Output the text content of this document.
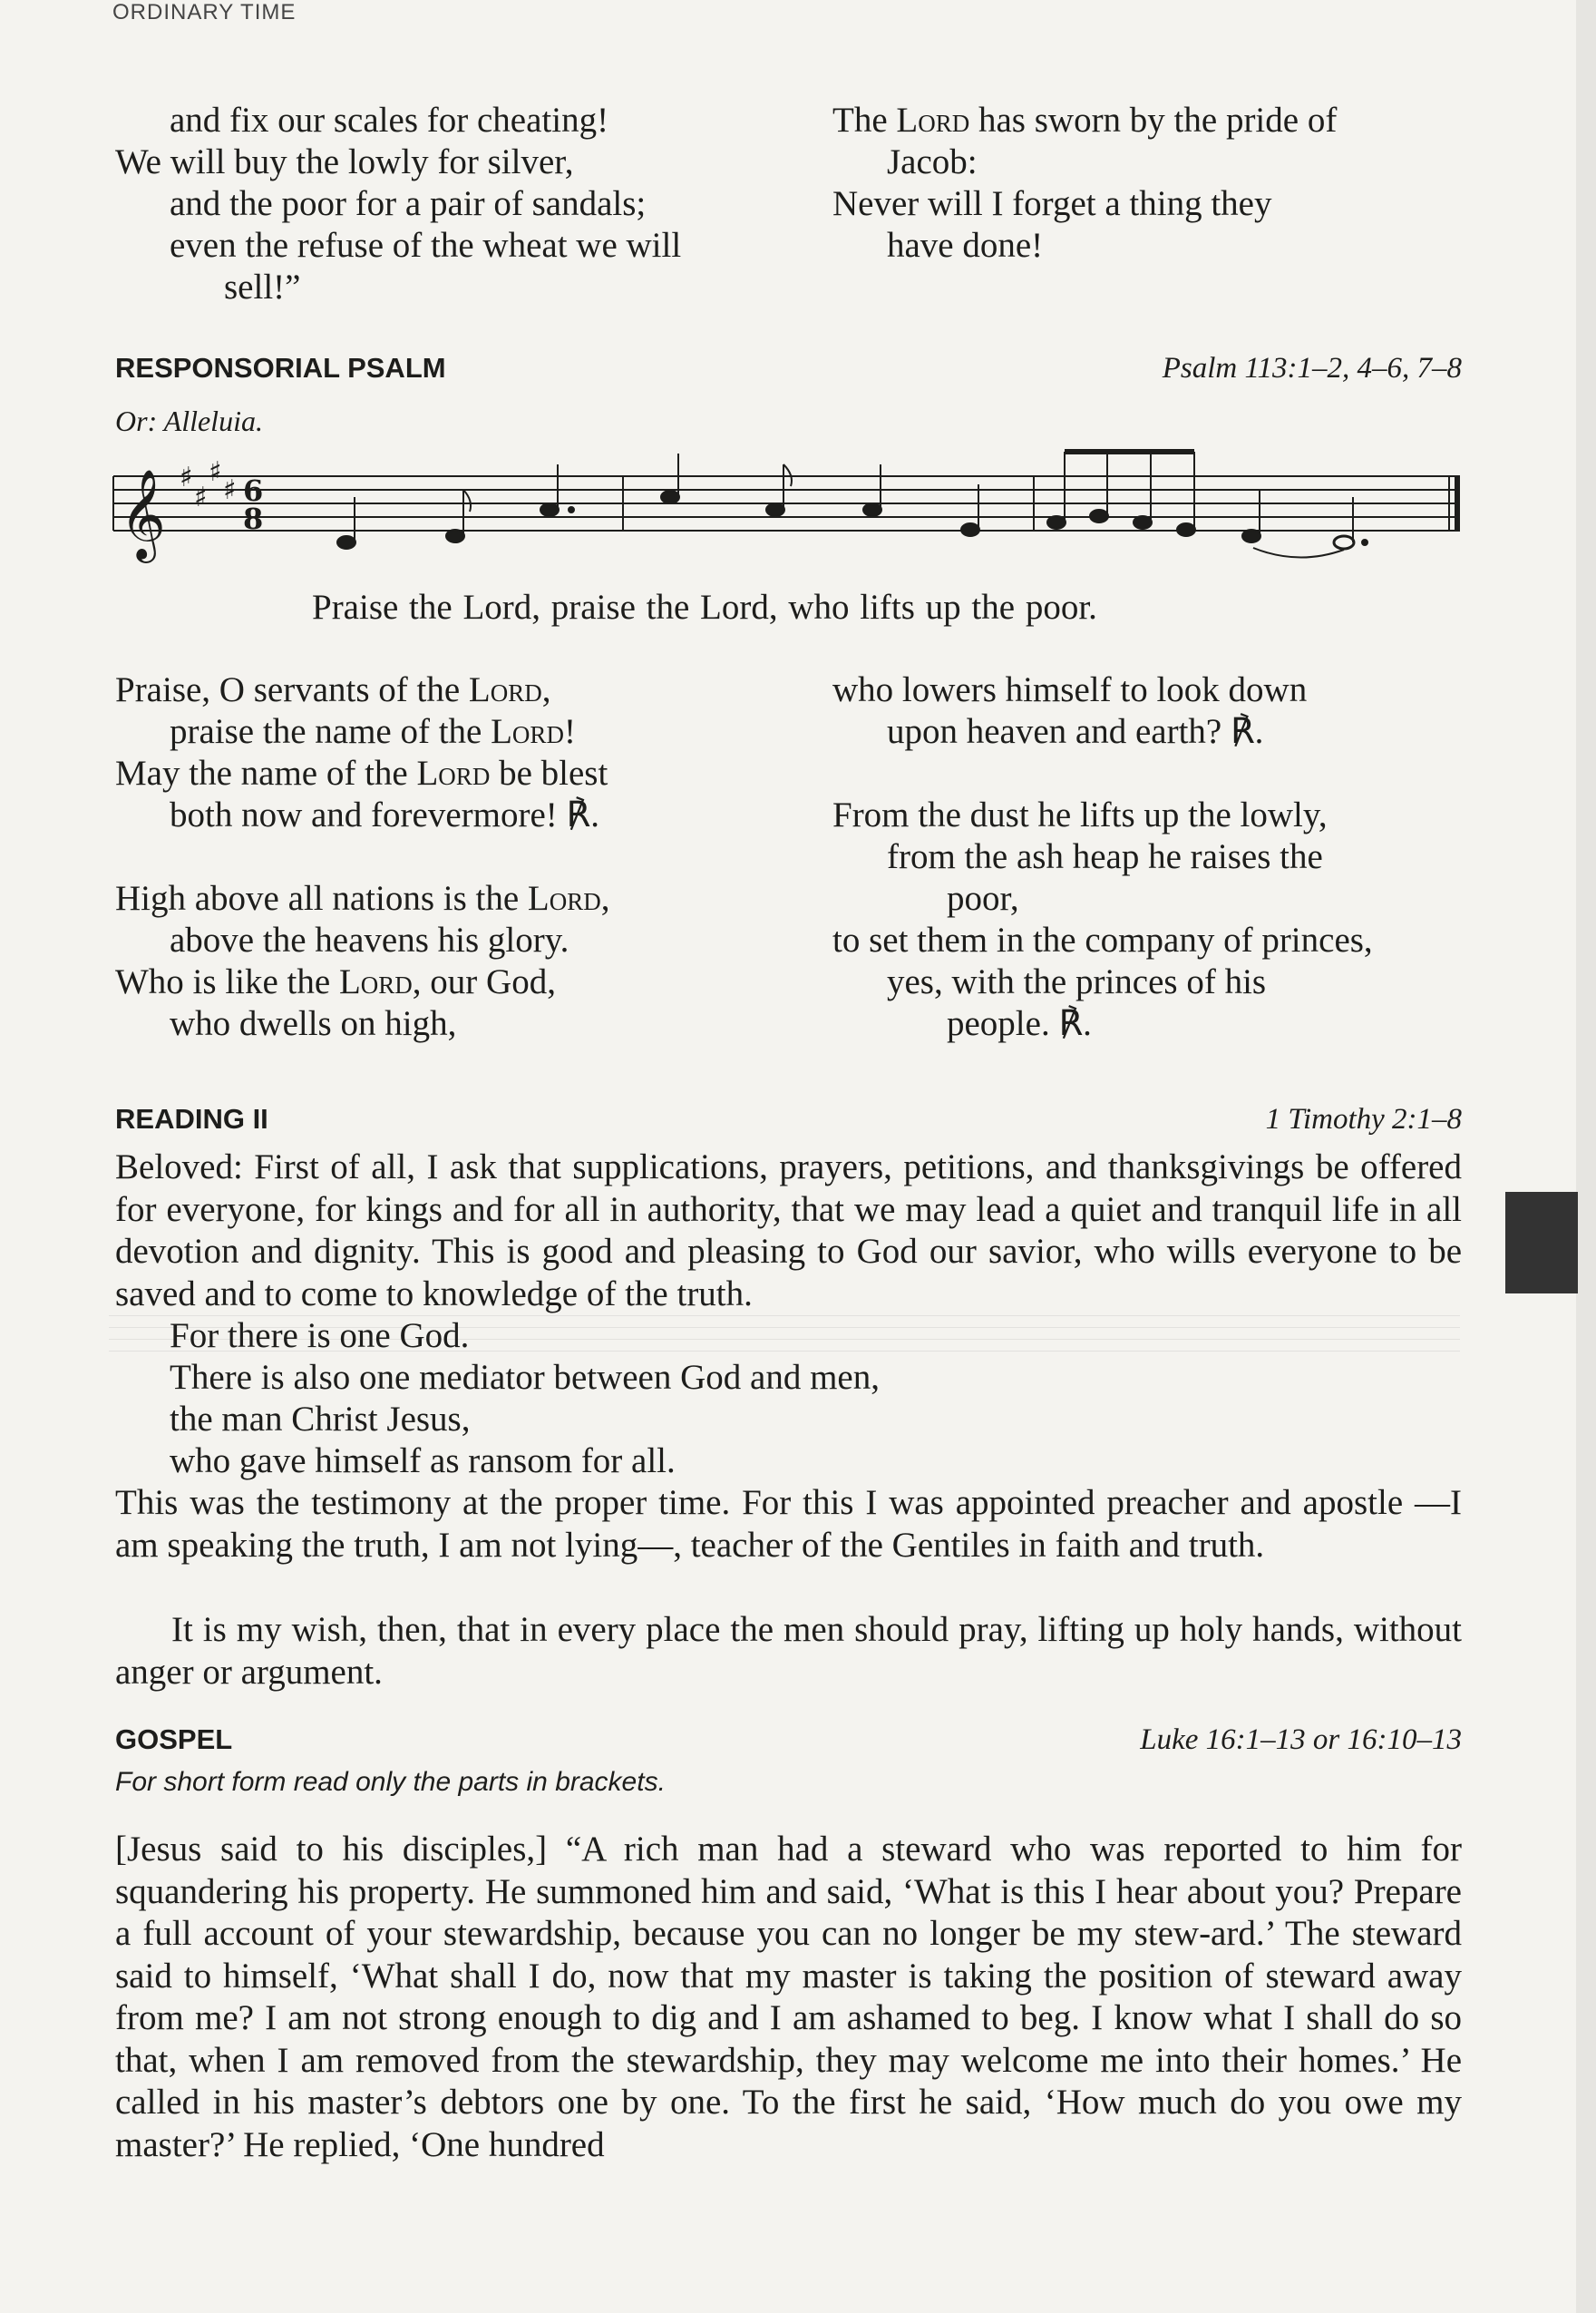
ORDINARY TIME
and fix our scales for cheating!
We will buy the lowly for silver,
and the poor for a pair of sandals;
even the refuse of the wheat we will
sell!”
The Lord has sworn by the pride of
Jacob:
Never will I forget a thing they
have done!
RESPONSORIAL PSALM	Psalm 113:1–2, 4–6, 7–8
Or: Alleluia.
𝄞 ♯
♯
♯
♯ 6
8
Praise the Lord, praise the Lord, who lifts up the poor.
Praise, O servants of the Lord,
praise the name of the Lord!
May the name of the Lord be blest
both now and forevermore! ℟.
High above all nations is the Lord,
above the heavens his glory.
Who is like the Lord, our God,
who dwells on high,
who lowers himself to look down
upon heaven and earth? ℟.
From the dust he lifts up the lowly,
from the ash heap he raises the
poor,
to set them in the company of princes,
yes, with the princes of his
people. ℟.
READING II	1 Timothy 2:1–8

Beloved: First of all, I ask that supplications, prayers, petitions, and thanksgivings be offered for everyone, for kings and for all in authority, that we may lead a quiet and tranquil life in all devotion and dignity. This is good and pleasing to God our savior, who wills everyone to be saved and to come to knowledge of the truth.

For there is one God.
There is also one mediator between God and men,
the man Christ Jesus,
who gave himself as ransom for all.

This was the testimony at the proper time. For this I was appointed preacher and apostle —I am speaking the truth, I am not lying—, teacher of the Gentiles in faith and truth.

It is my wish, then, that in every place the men should pray, lifting up holy hands, without anger or argument.

GOSPEL	Luke 16:1–13 or 16:10–13
For short form read only the parts in brackets.

[Jesus said to his disciples,] “A rich man had a steward who was reported to him for squandering his property. He summoned him and said, ‘What is this I hear about you? Prepare a full account of your stewardship, because you can no longer be my stew-ard.’ The steward said to himself, ‘What shall I do, now that my master is taking the position of steward away from me? I am not strong enough to dig and I am ashamed to beg. I know what I shall do so that, when I am removed from the stewardship, they may welcome me into their homes.’ He called in his master’s debtors one by one. To the first he said, ‘How much do you owe my master?’ He replied, ‘One hundred
